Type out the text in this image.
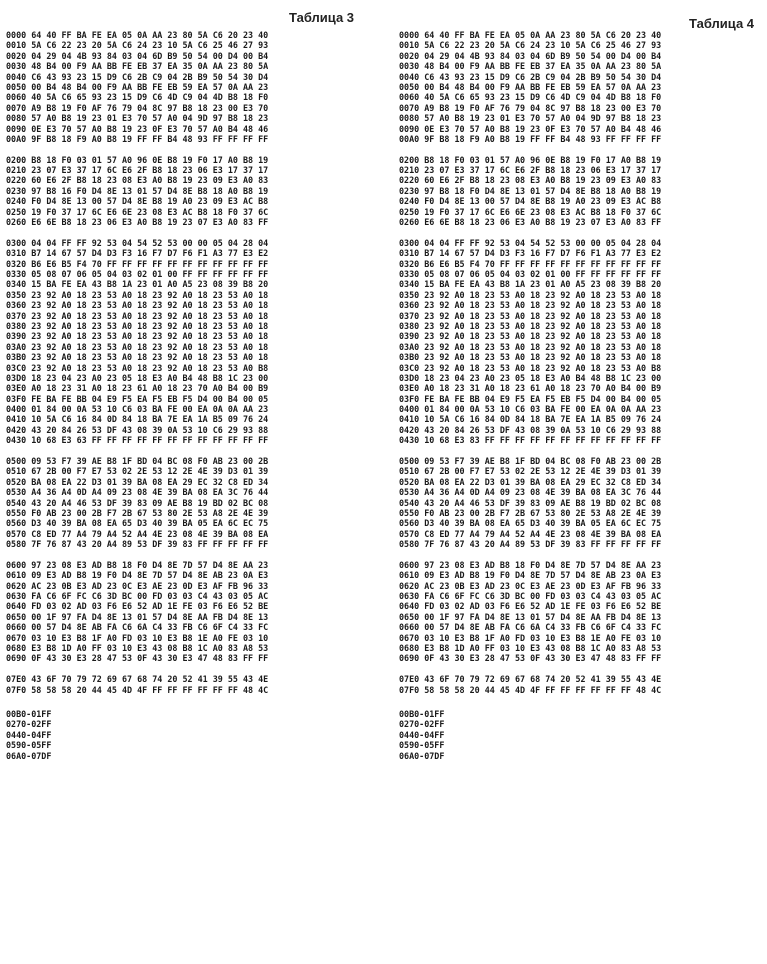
Таблица 3
0000 64 40 FF BA FE EA 05 0A AA 23 80 5A C6 20 23 40
0010 5A C6 22 23 20 5A C6 24 23 10 5A C6 25 46 27 93
0020 04 29 04 4B 93 84 03 04 6D B9 50 54 00 D4 00 B4
0030 48 B4 00 F9 AA BB FE EB 37 EA 35 0A AA 23 80 5A
0040 C6 43 93 23 15 D9 C6 2B C9 04 2B B9 50 54 30 D4
0050 00 B4 48 B4 00 F9 AA BB FE EB 59 EA 57 0A AA 23
0060 40 5A C6 65 93 23 15 D9 C6 4D C9 04 4D B8 18 F0
0070 A9 B8 19 F0 AF 76 79 04 8C 97 B8 18 23 00 E3 70
0080 57 A0 B8 19 23 01 E3 70 57 A0 04 9D 97 B8 18 23
0090 0E E3 70 57 A0 B8 19 23 0F E3 70 57 A0 B4 48 46
00A0 9F B8 18 F9 A0 B8 19 FF FF B4 48 93 FF FF FF FF
0200 B8 18 F0 03 01 57 A0 96 0E B8 19 F0 17 A0 B8 19
0210 23 07 E3 37 17 6C E6 2F B8 18 23 06 E3 17 37 17
0220 60 E6 2F B8 18 23 08 E3 A0 B8 19 23 09 E3 A0 83
0230 97 B8 16 F0 D4 8E 13 01 57 D4 8E B8 18 A0 B8 19
0240 F0 D4 8E 13 00 57 D4 8E B8 19 A0 23 09 E3 AC B8
0250 19 F0 37 17 6C E6 6E 23 08 E3 AC B8 18 F0 37 6C
0260 E6 6E B8 18 23 06 E3 A0 B8 19 23 07 E3 A0 83 FF
0300 04 04 FF FF 92 53 04 54 52 53 00 00 05 04 28 04
0310 B7 14 67 57 D4 D3 F3 16 F7 D7 F6 F1 A3 77 E3 E2
0320 B6 E6 B5 F4 70 FF FF FF FF FF FF FF FF FF FF FF
0330 05 08 07 06 05 04 03 02 01 00 FF FF FF FF FF FF
0340 15 BA FE EA 43 B8 1A 23 01 A0 A5 23 08 39 B8 20
0350 23 92 A0 18 23 53 A0 18 23 92 A0 18 23 53 A0 18
0360 23 92 A0 18 23 53 A0 18 23 92 A0 18 23 53 A0 18
0370 23 92 A0 18 23 53 A0 18 23 92 A0 18 23 53 A0 18
0380 23 92 A0 18 23 53 A0 18 23 92 A0 18 23 53 A0 18
0390 23 92 A0 18 23 53 A0 18 23 92 A0 18 23 53 A0 18
03A0 23 92 A0 18 23 53 A0 18 23 92 A0 18 23 53 A0 18
03B0 23 92 A0 18 23 53 A0 18 23 92 A0 18 23 53 A0 18
03C0 23 92 A0 18 23 53 A0 18 23 92 A0 18 23 53 A0 B8
03D0 18 23 04 23 A0 23 05 18 E3 A0 B4 48 B8 1C 23 00
03E0 A0 18 23 31 A0 18 23 61 A0 18 23 70 A0 B4 00 B9
03F0 FE BA FE BB 04 E9 F5 EA F5 EB F5 D4 00 B4 00 05
0400 01 84 00 0A 53 10 C6 03 BA FE 00 EA 0A 0A AA 23
0410 10 5A C6 16 84 0D 84 18 BA 7E EA 1A B5 09 76 24
0420 43 20 84 26 53 DF 43 08 39 0A 53 10 C6 29 93 88
0430 10 68 E3 63 FF FF FF FF FF FF FF FF FF FF FF FF
0500 09 53 F7 39 AE B8 1F BD 04 BC 08 F0 AB 23 00 2B
0510 67 2B 00 F7 E7 53 02 2E 53 12 2E 4E 39 D3 01 39
0520 BA 08 EA 22 D3 01 39 BA 08 EA 29 EC 32 C8 ED 34
0530 A4 36 A4 0D A4 09 23 08 4E 39 BA 08 EA 3C 76 44
0540 43 20 A4 46 53 DF 39 83 09 AE B8 19 BD 02 BC 08
0550 F0 AB 23 00 2B F7 2B 67 53 80 2E 53 A8 2E 4E 39
0560 D3 40 39 BA 08 EA 65 D3 40 39 BA 05 EA 6C EC 75
0570 C8 ED 77 A4 79 A4 52 A4 4E 23 08 4E 39 BA 08 EA
0580 7F 76 87 43 20 A4 89 53 DF 39 83 FF FF FF FF FF
0600 97 23 08 E3 AD B8 18 F0 D4 8E 7D 57 D4 8E AA 23
0610 09 E3 AD B8 19 F0 D4 8E 7D 57 D4 8E AB 23 0A E3
0620 AC 23 0B E3 AD 23 0C E3 AE 23 0D E3 AF FB 96 33
0630 FA C6 6F FC C6 3D BC 00 FD 03 03 C4 43 03 05 AC
0640 FD 03 02 AD 03 F6 E6 52 AD 1E FE 03 F6 E6 52 BE
0650 00 1F 97 FA D4 8E 13 01 57 D4 8E AA FB D4 8E 13
0660 00 57 D4 8E AB FA C6 6A C4 33 FB C6 6F C4 33 FC
0670 03 10 E3 B8 1F A0 FD 03 10 E3 B8 1E A0 FE 03 10
0680 E3 B8 1D A0 FF 03 10 E3 43 08 B8 1C A0 83 A8 53
0690 0F 43 30 E3 28 47 53 0F 43 30 E3 47 48 83 FF FF
07E0 43 6F 70 79 72 69 67 68 74 20 52 41 39 55 43 4E
07F0 58 58 58 20 44 45 4D 4F FF FF FF FF FF FF 48 4C
00B0-01FF
0270-02FF
0440-04FF
0590-05FF
06A0-07DF
Таблица 4
0000 64 40 FF BA FE EA 05 0A AA 23 80 5A C6 20 23 40
0010 5A C6 22 23 20 5A C6 24 23 10 5A C6 25 46 27 93
0020 04 29 04 4B 93 84 03 04 6D B9 50 54 00 D4 00 B4
0030 48 B4 00 F9 AA BB FE EB 37 EA 35 0A AA 23 80 5A
0040 C6 43 93 23 15 D9 C6 2B C9 04 2B B9 50 54 30 D4
0050 00 B4 48 B4 00 F9 AA BB FE EB 59 EA 57 0A AA 23
0060 40 5A C6 65 93 23 15 D9 C6 4D C9 04 4D B8 18 F0
0070 A9 B8 19 F0 AF 76 79 04 8C 97 B8 18 23 00 E3 70
0080 57 A0 B8 19 23 01 E3 70 57 A0 04 9D 97 B8 18 23
0090 0E E3 70 57 A0 B8 19 23 0F E3 70 57 A0 B4 48 46
00A0 9F B8 18 F9 A0 B8 19 FF FF B4 48 93 FF FF FF FF
0200 B8 18 F0 03 01 57 A0 96 0E B8 19 F0 17 A0 B8 19
0210 23 07 E3 37 17 6C E6 2F B8 18 23 06 E3 17 37 17
0220 60 E6 2F B8 18 23 08 E3 A0 B8 19 23 09 E3 A0 83
0230 97 B8 18 F0 D4 8E 13 01 57 D4 8E B8 18 A0 B8 19
0240 F0 D4 8E 13 00 57 D4 8E B8 19 A0 23 09 E3 AC B8
0250 19 F0 37 17 6C E6 6E 23 08 E3 AC B8 18 F0 37 6C
0260 E6 6E B8 18 23 06 E3 A0 B8 19 23 07 E3 A0 83 FF
0300 04 04 FF FF 92 53 04 54 52 53 00 00 05 04 28 04
0310 B7 14 67 57 D4 D3 F3 16 F7 D7 F6 F1 A3 77 E3 E2
0320 B6 E6 B5 F4 70 FF FF FF FF FF FF FF FF FF FF FF
0330 05 08 07 06 05 04 03 02 01 00 FF FF FF FF FF FF
0340 15 BA FE EA 43 B8 1A 23 01 A0 A5 23 08 39 B8 20
0350 23 92 A0 18 23 53 A0 18 23 92 A0 18 23 53 A0 18
0360 23 92 A0 18 23 53 A0 18 23 92 A0 18 23 53 A0 18
0370 23 92 A0 18 23 53 A0 18 23 92 A0 18 23 53 A0 18
0380 23 92 A0 18 23 53 A0 18 23 92 A0 18 23 53 A0 18
0390 23 92 A0 18 23 53 A0 18 23 92 A0 18 23 53 A0 18
03A0 23 92 A0 18 23 53 A0 18 23 92 A0 18 23 53 A0 18
03B0 23 92 A0 18 23 53 A0 18 23 92 A0 18 23 53 A0 18
03C0 23 92 A0 18 23 53 A0 18 23 92 A0 18 23 53 A0 B8
03D0 18 23 04 23 A0 23 05 18 E3 A0 B4 48 B8 1C 23 00
03E0 A0 18 23 31 A0 18 23 61 A0 18 23 70 A0 B4 00 B9
03F0 FE BA FE BB 04 E9 F5 EA F5 EB F5 D4 00 B4 00 05
0400 01 84 00 0A 53 10 C6 03 BA FE 00 EA 0A 0A AA 23
0410 10 5A C6 16 84 0D 84 18 BA 7E EA 1A B5 09 76 24
0420 43 20 84 26 53 DF 43 08 39 0A 53 10 C6 29 93 88
0430 10 68 E3 83 FF FF FF FF FF FF FF FF FF FF FF FF
0500 09 53 F7 39 AE B8 1F BD 04 BC 08 F0 AB 23 00 2B
0510 67 2B 00 F7 E7 53 02 2E 53 12 2E 4E 39 D3 01 39
0520 BA 08 EA 22 D3 01 39 BA 08 EA 29 EC 32 C8 ED 34
0530 A4 36 A4 0D A4 09 23 08 4E 39 BA 08 EA 3C 76 44
0540 43 20 A4 46 53 DF 39 83 09 AE B8 19 BD 02 BC 08
0550 F0 AB 23 00 2B F7 2B 67 53 80 2E 53 A8 2E 4E 39
0560 D3 40 39 BA 08 EA 65 D3 40 39 BA 05 EA 6C EC 75
0570 C8 ED 77 A4 79 A4 52 A4 4E 23 08 4E 39 BA 08 EA
0580 7F 76 87 43 20 A4 89 53 DF 39 83 FF FF FF FF FF
0600 97 23 08 E3 AD B8 18 F0 D4 8E 7D 57 D4 8E AA 23
0610 09 E3 AD B8 19 F0 D4 8E 7D 57 D4 8E AB 23 0A E3
0620 AC 23 0B E3 AD 23 0C E3 AE 23 0D E3 AF FB 96 33
0630 FA C6 6F FC C6 3D BC 00 FD 03 03 C4 43 03 05 AC
0640 FD 03 02 AD 03 F6 E6 52 AD 1E FE 03 F6 E6 52 BE
0650 00 1F 97 FA D4 8E 13 01 57 D4 8E AA FB D4 8E 13
0660 00 57 D4 8E AB FA C6 6A C4 33 FB C6 6F C4 33 FC
0670 03 10 E3 B8 1F A0 FD 03 10 E3 B8 1E A0 FE 03 10
0680 E3 B8 1D A0 FF 03 10 E3 43 08 B8 1C A0 83 A8 53
0690 0F 43 30 E3 28 47 53 0F 43 30 E3 47 48 83 FF FF
07E0 43 6F 70 79 72 69 67 68 74 20 52 41 39 55 43 4E
07F0 58 58 58 20 44 45 4D 4F FF FF FF FF FF FF 48 4C
00B0-01FF
0270-02FF
0440-04FF
0590-05FF
06A0-07DF
